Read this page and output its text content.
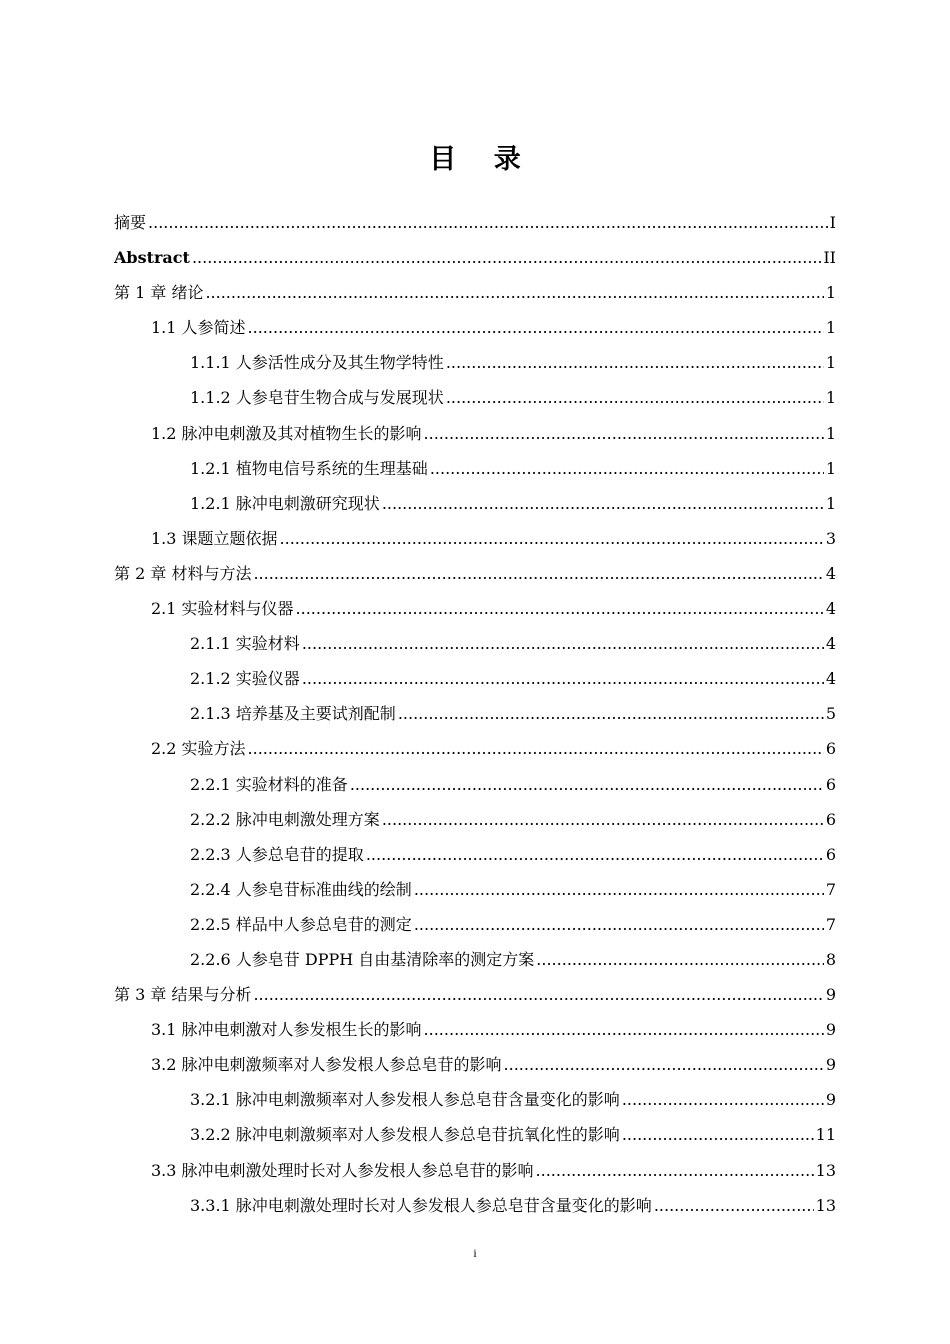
目 录
摘要 .....	I
Abstract .....	II
第 1 章 绪论 .....	1
1.1 人参简述 .....	1
1.1.1 人参活性成分及其生物学特性 .....	1
1.1.2 人参皂苷生物合成与发展现状 .....	1
1.2 脉冲电刺激及其对植物生长的影响 .....	1
1.2.1 植物电信号系统的生理基础 .....	1
1.2.1 脉冲电刺激研究现状 .....	1
1.3 课题立题依据 .....	3
第 2 章 材料与方法 .....	4
2.1 实验材料与仪器 .....	4
2.1.1 实验材料 .....	4
2.1.2 实验仪器 .....	4
2.1.3 培养基及主要试剂配制 .....	5
2.2 实验方法 .....	6
2.2.1 实验材料的准备 .....	6
2.2.2 脉冲电刺激处理方案 .....	6
2.2.3 人参总皂苷的提取 .....	6
2.2.4 人参皂苷标准曲线的绘制 .....	7
2.2.5 样品中人参总皂苷的测定 .....	7
2.2.6 人参皂苷 DPPH 自由基清除率的测定方案 .....	8
第 3 章 结果与分析 .....	9
3.1 脉冲电刺激对人参发根生长的影响 .....	9
3.2 脉冲电刺激频率对人参发根人参总皂苷的影响 .....	9
3.2.1 脉冲电刺激频率对人参发根人参总皂苷含量变化的影响 .....	9
3.2.2 脉冲电刺激频率对人参发根人参总皂苷抗氧化性的影响 .....	11
3.3 脉冲电刺激处理时长对人参发根人参总皂苷的影响 .....	13
3.3.1 脉冲电刺激处理时长对人参发根人参总皂苷含量变化的影响 .....	13
i
